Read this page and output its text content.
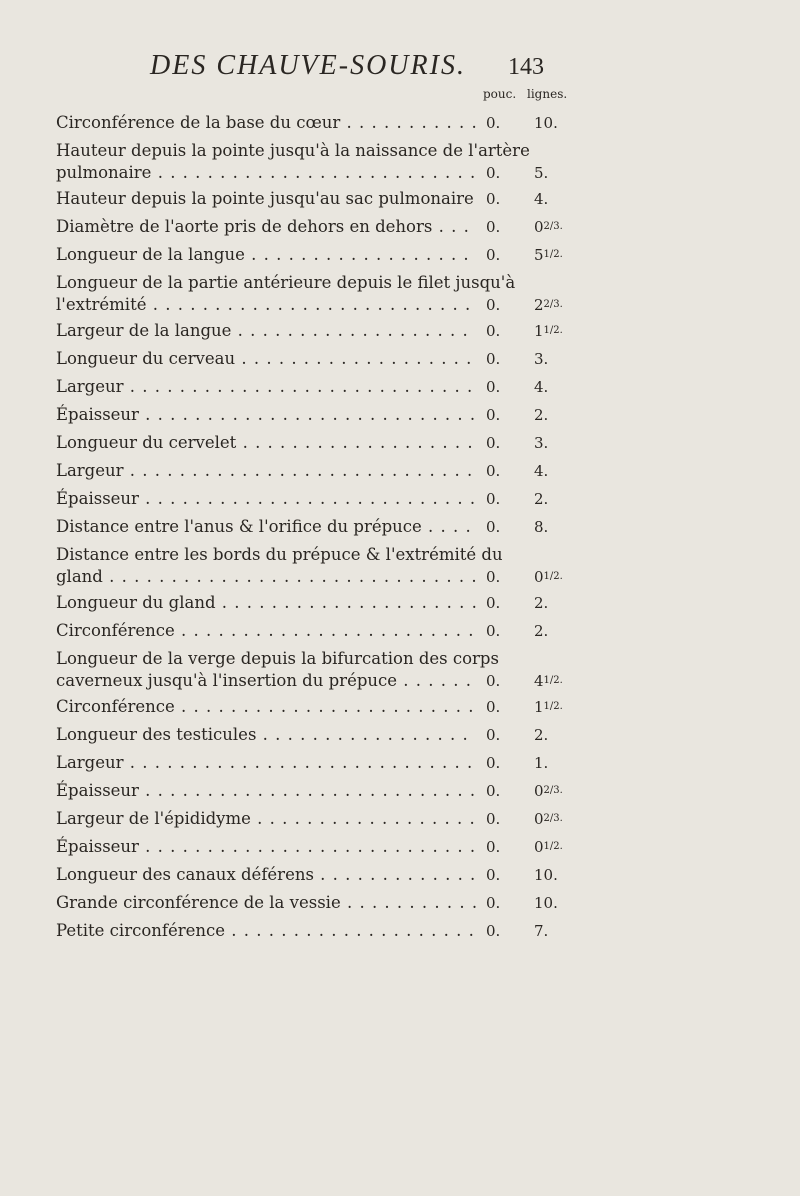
DES CHAUVE-SOURIS. 143
pouc. lignes.
Circonférence de la base du cœur . . .	0. 10.
Hauteur depuis la pointe jusqu'à la naissance de l'artère
pulmonaire . . .	0. 5.
Hauteur depuis la pointe jusqu'au sac pulmonaire . . . 0. 4.
Diamètre de l'aorte pris de dehors en dehors . . .	0. 02/3.
Longueur de la langue . . .	0. 51/2.
Longueur de la partie antérieure depuis le filet jusqu'à
l'extrémité . . .	0. 22/3.
Largeur de la langue . . .	0. 11/2.
Longueur du cerveau . . .	0. 3.
Largeur . . .	0. 4.
Épaisseur . . .	0. 2.
Longueur du cervelet . . .	0. 3.
Largeur . . .	0. 4.
Épaisseur . . .	0. 2.
Distance entre l'anus & l'orifice du prépuce . . .	0. 8.
Distance entre les bords du prépuce & l'extrémité du
gland . . .	0. 01/2.
Longueur du gland . . .	0. 2.
Circonférence . . .	0. 2.
Longueur de la verge depuis la bifurcation des corps
caverneux jusqu'à l'insertion du prépuce . . .	0. 41/2.
Circonférence . . .	0. 11/2.
Longueur des testicules . . .	0. 2.
Largeur . . .	0. 1.
Épaisseur . . .	0. 02/3.
Largeur de l'épididyme . . .	0. 02/3.
Épaisseur . . .	0. 01/2.
Longueur des canaux déférens . . .	0. 10.
Grande circonférence de la vessie . . .	0. 10.
Petite circonférence . . .	0. 7.
